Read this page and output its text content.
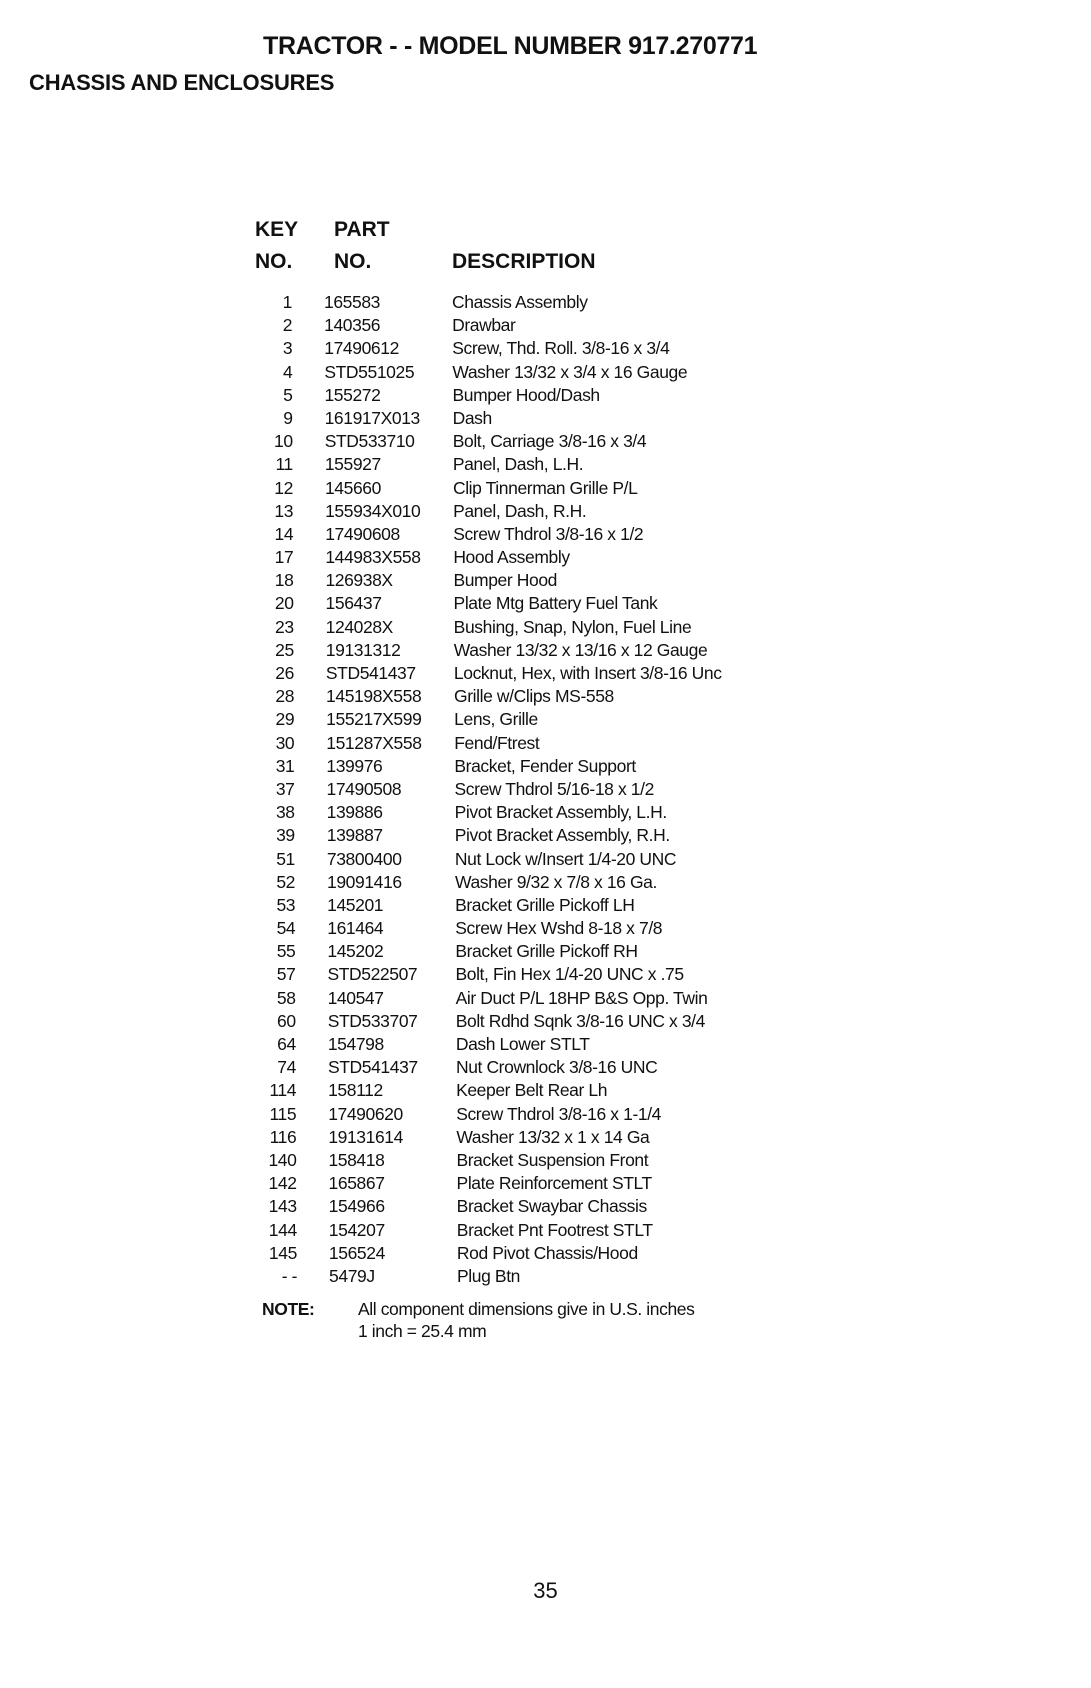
TRACTOR - - MODEL NUMBER 917.270771
CHASSIS AND ENCLOSURES
KEY
NO.
PART
NO.	DESCRIPTION
1 165583	Chassis Assembly
2 140356	Drawbar
3 17490612	Screw, Thd. Roll. 3/8-16 x 3/4
4 STD551025 Washer 13/32 x 3/4 x 16 Gauge
5 155272	Bumper Hood/Dash
9 161917X013 Dash
10 STD533710 Bolt, Carriage 3/8-16 x 3/4
11 155927	Panel, Dash, L.H.
12 145660	Clip Tinnerman Grille P/L
13 155934X010 Panel, Dash, R.H.
14 17490608	Screw Thdrol 3/8-16 x 1/2
17 144983X558 Hood Assembly
18 126938X	Bumper Hood
20 156437	Plate Mtg Battery Fuel Tank
23 124028X	Bushing, Snap, Nylon, Fuel Line
25 19131312	Washer 13/32 x 13/16 x 12 Gauge
26 STD541437 Locknut, Hex, with Insert 3/8-16 Unc
28 145198X558 Grille w/Clips MS-558
29 155217X599 Lens, Grille
30 151287X558 Fend/Ftrest
31 139976	Bracket, Fender Support
37 17490508	Screw Thdrol 5/16-18 x 1/2
38 139886	Pivot Bracket Assembly, L.H.
39 139887	Pivot Bracket Assembly, R.H.
51 73800400	Nut Lock w/Insert 1/4-20 UNC
52 19091416	Washer 9/32 x 7/8 x 16 Ga.
53 145201	Bracket Grille Pickoff LH
54 161464	Screw Hex Wshd 8-18 x 7/8
55 145202	Bracket Grille Pickoff RH
57 STD522507 Bolt, Fin Hex 1/4-20 UNC x .75
58 140547	Air Duct P/L 18HP B&S Opp. Twin
60 STD533707 Bolt Rdhd Sqnk 3/8-16 UNC x 3/4
64 154798	Dash Lower STLT
74 STD541437 Nut Crownlock 3/8-16 UNC
114 158112	Keeper Belt Rear Lh
115 17490620	Screw Thdrol 3/8-16 x 1-1/4
116 19131614	Washer 13/32 x 1 x 14 Ga
140 158418	Bracket Suspension Front
142 165867	Plate Reinforcement STLT
143 154966	Bracket Swaybar Chassis
144 154207	Bracket Pnt Footrest STLT
145 156524	Rod Pivot Chassis/Hood
- - 5479J	Plug Btn
NOTE: All component dimensions give in U.S. inches
1 inch = 25.4 mm
35
